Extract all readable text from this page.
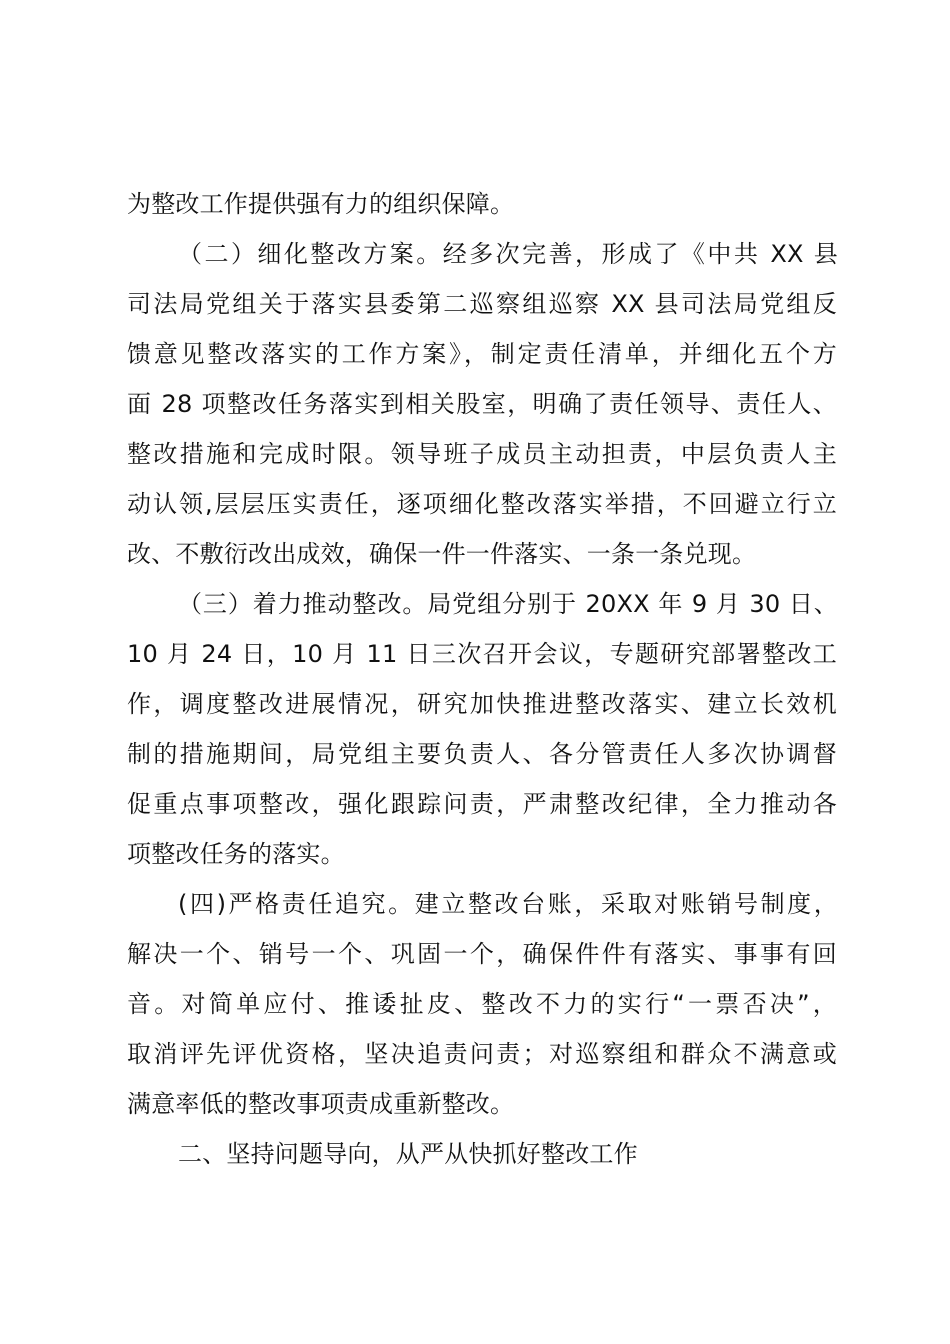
为整改工作提供强有力的组织保障。
（二）细化整改方案。经多次完善，形成了《中共 XX 县
司法局党组关于落实县委第二巡察组巡察 XX 县司法局党组反
馈意见整改落实的工作方案》，制定责任清单，并细化五个方
面 28 项整改任务落实到相关股室，明确了责任领导、责任人、
整改措施和完成时限。领导班子成员主动担责，中层负责人主
动认领,层层压实责任，逐项细化整改落实举措，不回避立行立
改、不敷衍改出成效，确保一件一件落实、一条一条兑现。
（三）着力推动整改。局党组分别于 20XX 年 9 月 30 日、
10 月 24 日，10 月 11 日三次召开会议，专题研究部署整改工
作，调度整改进展情况，研究加快推进整改落实、建立长效机
制的措施期间，局党组主要负责人、各分管责任人多次协调督
促重点事项整改，强化跟踪问责，严肃整改纪律，全力推动各
项整改任务的落实。
(四)严格责任追究。建立整改台账，采取对账销号制度，
解决一个、销号一个、巩固一个，确保件件有落实、事事有回
音。对简单应付、推诿扯皮、整改不力的实行“一票否决”，
取消评先评优资格，坚决追责问责；对巡察组和群众不满意或
满意率低的整改事项责成重新整改。
二、坚持问题导向，从严从快抓好整改工作
